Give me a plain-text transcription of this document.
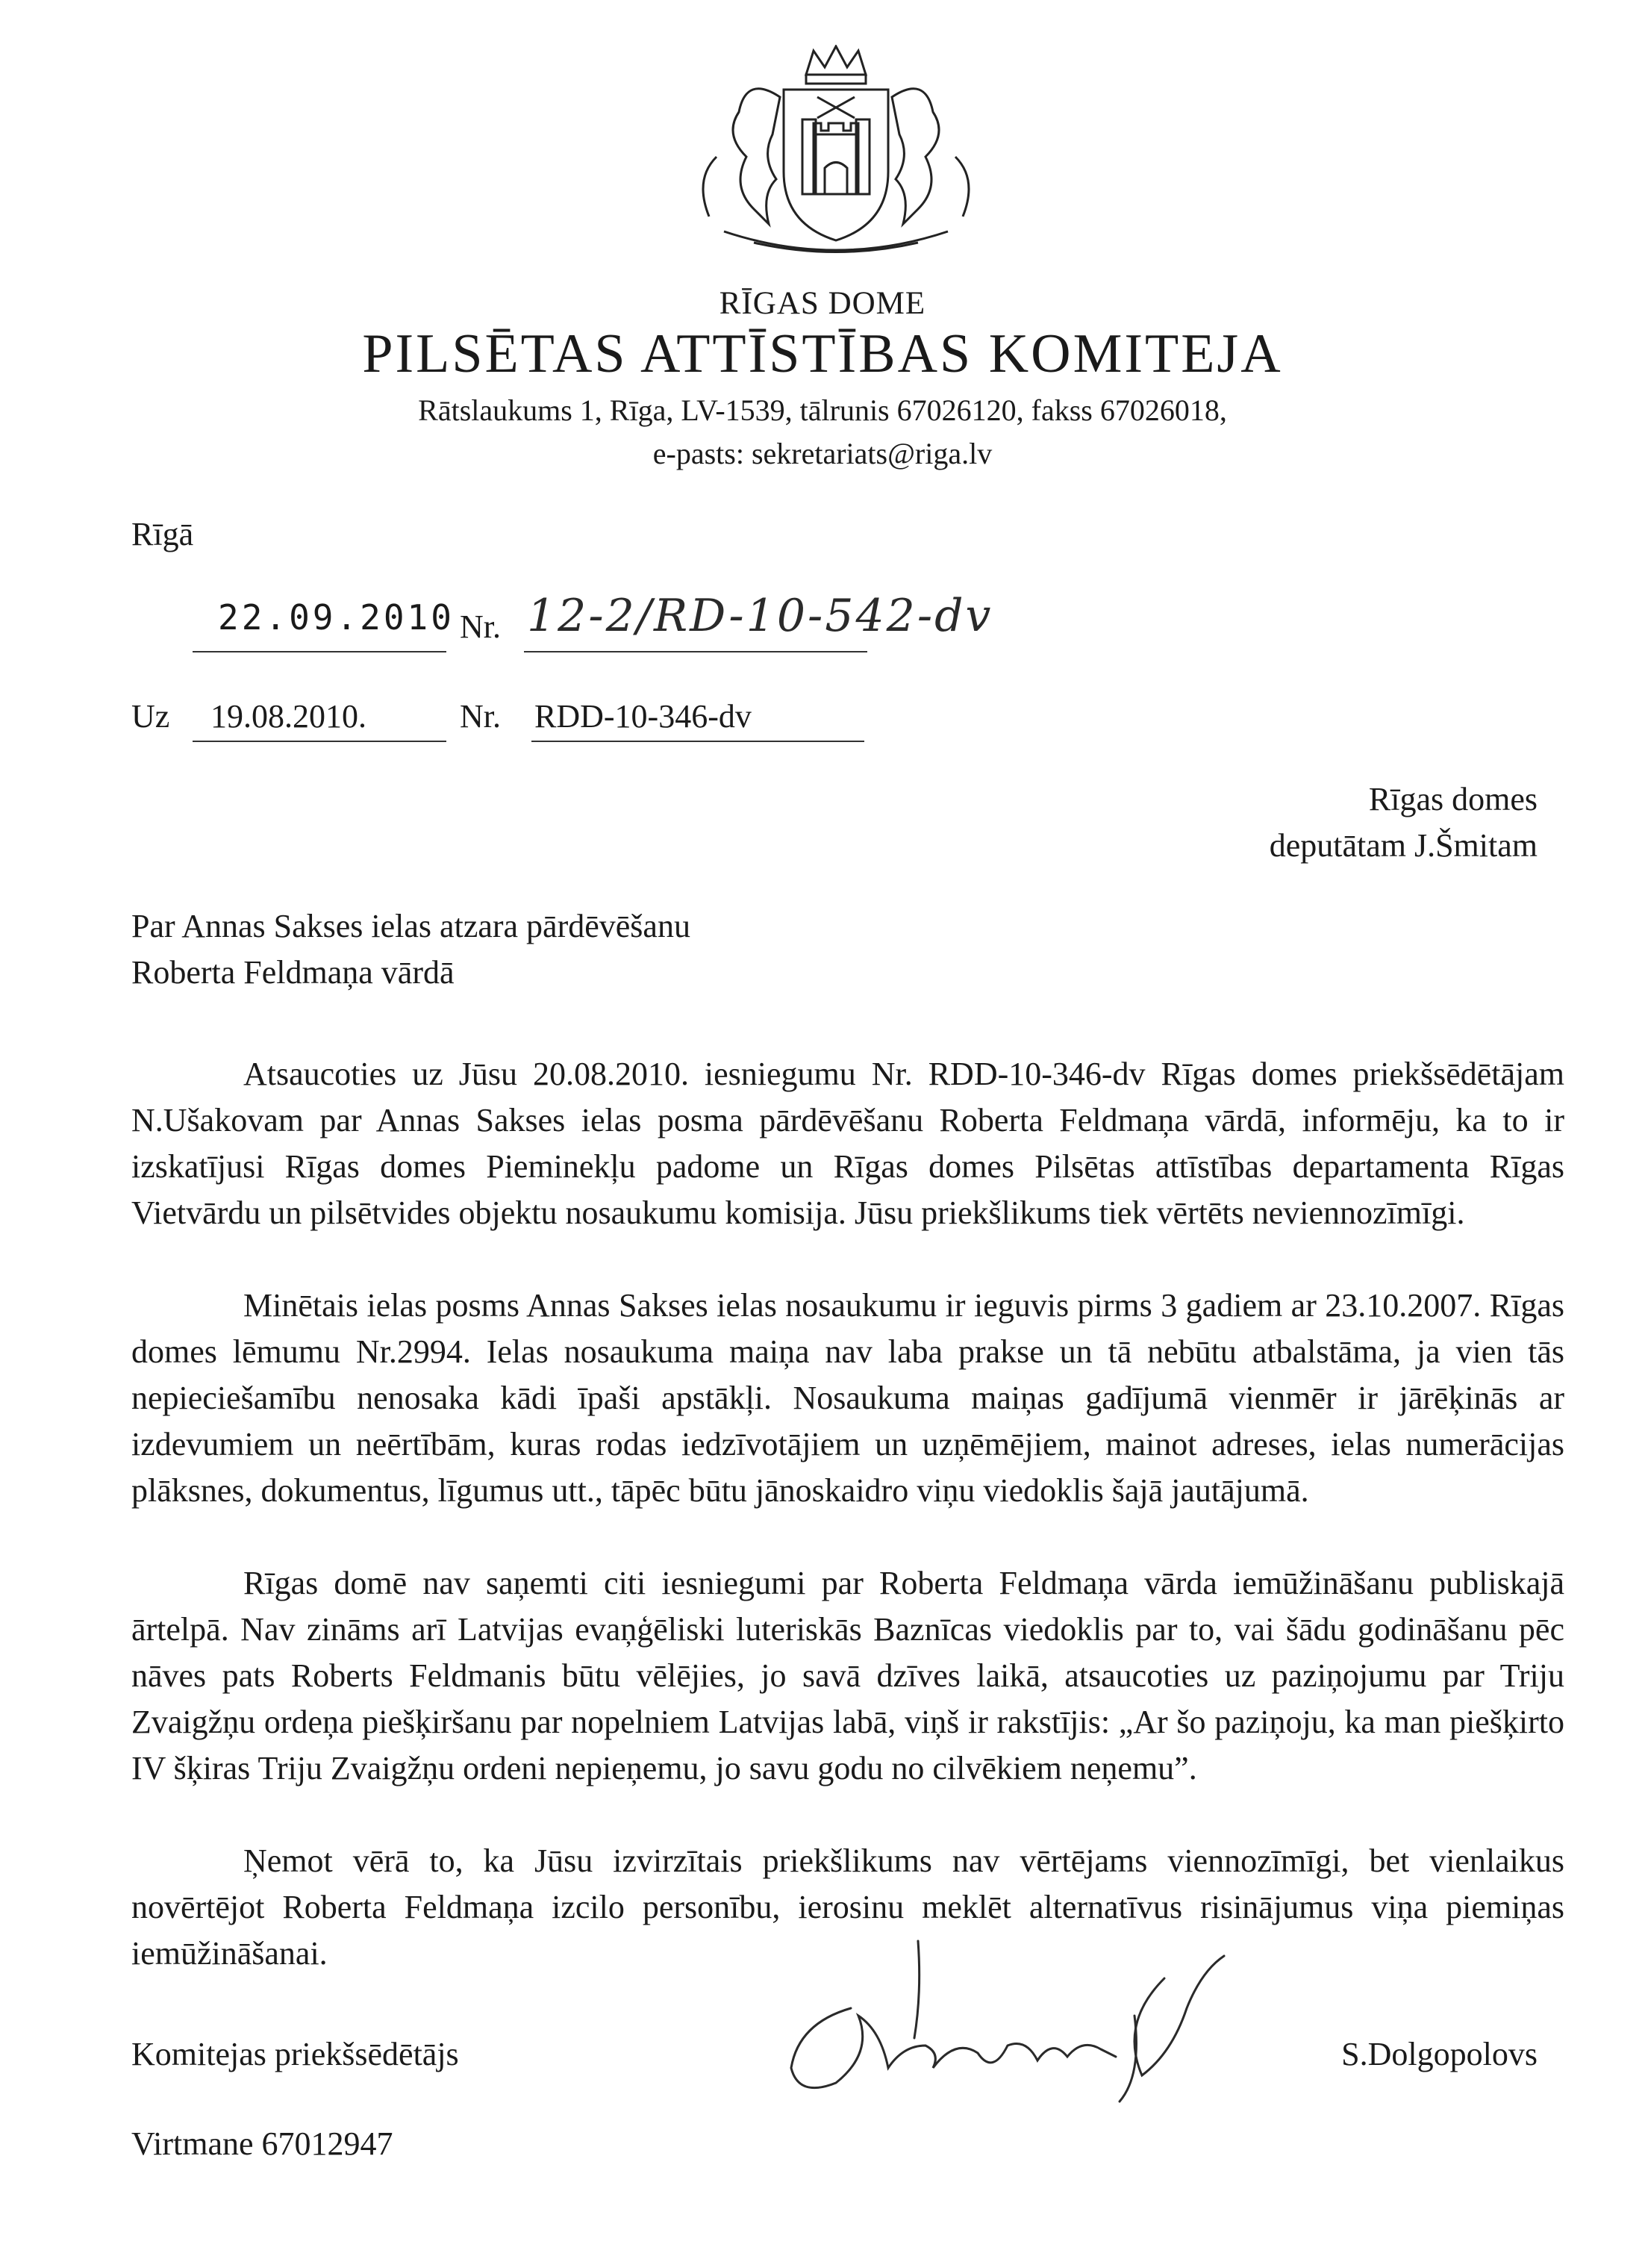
RĪGAS DOME
PILSĒTAS ATTĪSTĪBAS KOMITEJA
Rātslaukums 1, Rīga, LV-1539, tālrunis 67026120, fakss 67026018,
e-pasts: sekretariats@riga.lv
Rīgā
22.09.2010 Nr. 12-2/RD-10-542-dv
Uz 19.08.2010.	Nr. RDD-10-346-dv
Rīgas domes
deputātam J.Šmitam
Par Annas Sakses ielas atzara pārdēvēšanu
Roberta Feldmaņa vārdā

Atsaucoties uz Jūsu 20.08.2010. iesniegumu Nr. RDD-10-346-dv Rīgas domes priekšsēdētājam N.Ušakovam par Annas Sakses ielas posma pārdēvēšanu Roberta Feldmaņa vārdā, informēju, ka to ir izskatījusi Rīgas domes Pieminekļu padome un Rīgas domes Pilsētas attīstības departamenta Rīgas Vietvārdu un pilsētvides objektu nosaukumu komisija. Jūsu priekšlikums tiek vērtēts neviennozīmīgi.

Minētais ielas posms Annas Sakses ielas nosaukumu ir ieguvis pirms 3 gadiem ar 23.10.2007. Rīgas domes lēmumu Nr.2994. Ielas nosaukuma maiņa nav laba prakse un tā nebūtu atbalstāma, ja vien tās nepieciešamību nenosaka kādi īpaši apstākļi. Nosaukuma maiņas gadījumā vienmēr ir jārēķinās ar izdevumiem un neērtībām, kuras rodas iedzīvotājiem un uzņēmējiem, mainot adreses, ielas numerācijas plāksnes, dokumentus, līgumus utt., tāpēc būtu jānoskaidro viņu viedoklis šajā jautājumā.

Rīgas domē nav saņemti citi iesniegumi par Roberta Feldmaņa vārda iemūžināšanu publiskajā ārtelpā. Nav zināms arī Latvijas evaņģēliski luteriskās Baznīcas viedoklis par to, vai šādu godināšanu pēc nāves pats Roberts Feldmanis būtu vēlējies, jo savā dzīves laikā, atsaucoties uz paziņojumu par Triju Zvaigžņu ordeņa piešķiršanu par nopelniem Latvijas labā, viņš ir rakstījis: „Ar šo paziņoju, ka man piešķirto IV šķiras Triju Zvaigžņu ordeni nepieņemu, jo savu godu no cilvēkiem neņemu”.

Ņemot vērā to, ka Jūsu izvirzītais priekšlikums nav vērtējams viennozīmīgi, bet vienlaikus novērtējot Roberta Feldmaņa izcilo personību, ierosinu meklēt alternatīvus risinājumus viņa piemiņas iemūžināšanai.

Komitejas priekšsēdētājs	S.Dolgopolovs
Virtmane 67012947
